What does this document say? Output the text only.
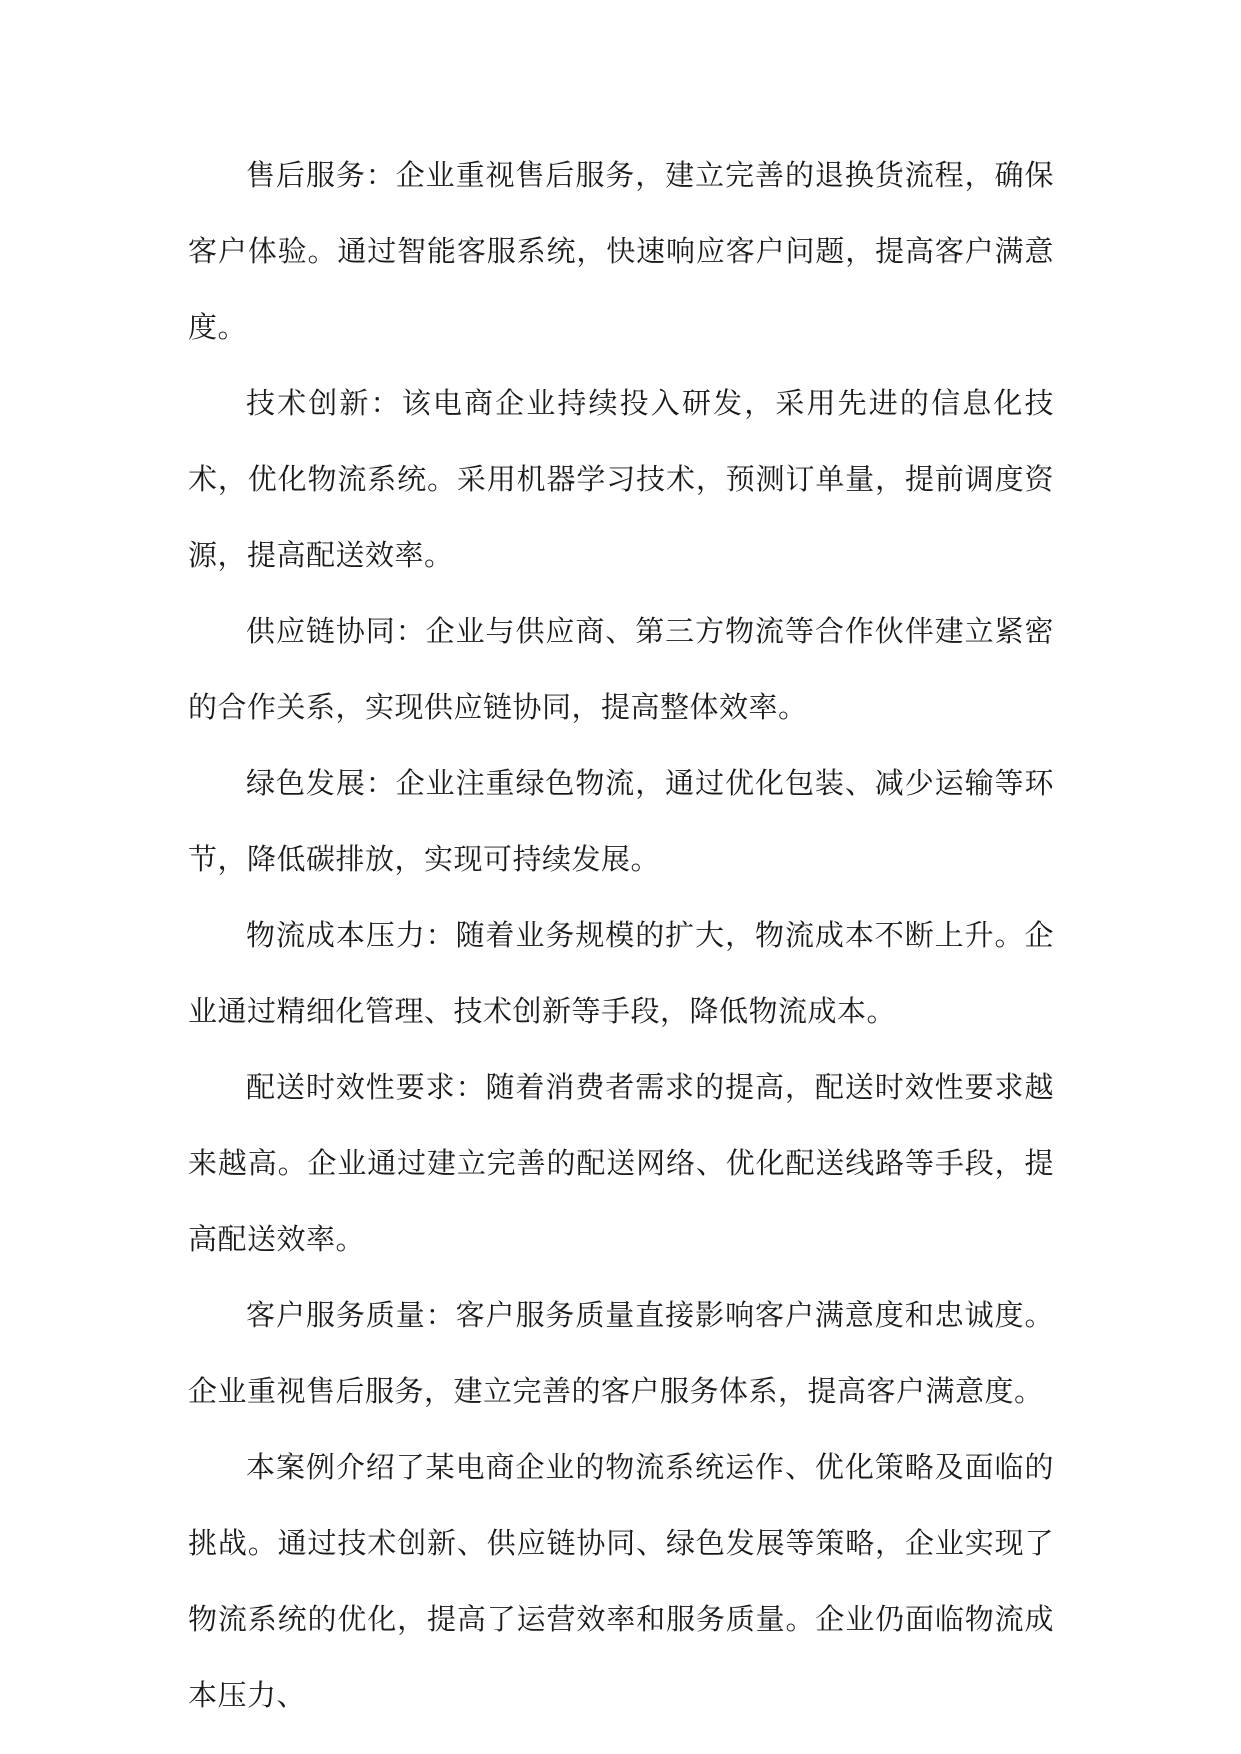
售后服务：企业重视售后服务，建立完善的退换货流程，确保客户体验。通过智能客服系统，快速响应客户问题，提高客户满意度。

技术创新：该电商企业持续投入研发，采用先进的信息化技术，优化物流系统。采用机器学习技术，预测订单量，提前调度资源，提高配送效率。

供应链协同：企业与供应商、第三方物流等合作伙伴建立紧密的合作关系，实现供应链协同，提高整体效率。

绿色发展：企业注重绿色物流，通过优化包装、减少运输等环节，降低碳排放，实现可持续发展。

物流成本压力：随着业务规模的扩大，物流成本不断上升。企业通过精细化管理、技术创新等手段，降低物流成本。

配送时效性要求：随着消费者需求的提高，配送时效性要求越来越高。企业通过建立完善的配送网络、优化配送线路等手段，提高配送效率。

客户服务质量：客户服务质量直接影响客户满意度和忠诚度。企业重视售后服务，建立完善的客户服务体系，提高客户满意度。

本案例介绍了某电商企业的物流系统运作、优化策略及面临的挑战。通过技术创新、供应链协同、绿色发展等策略，企业实现了物流系统的优化，提高了运营效率和服务质量。企业仍面临物流成本压力、
